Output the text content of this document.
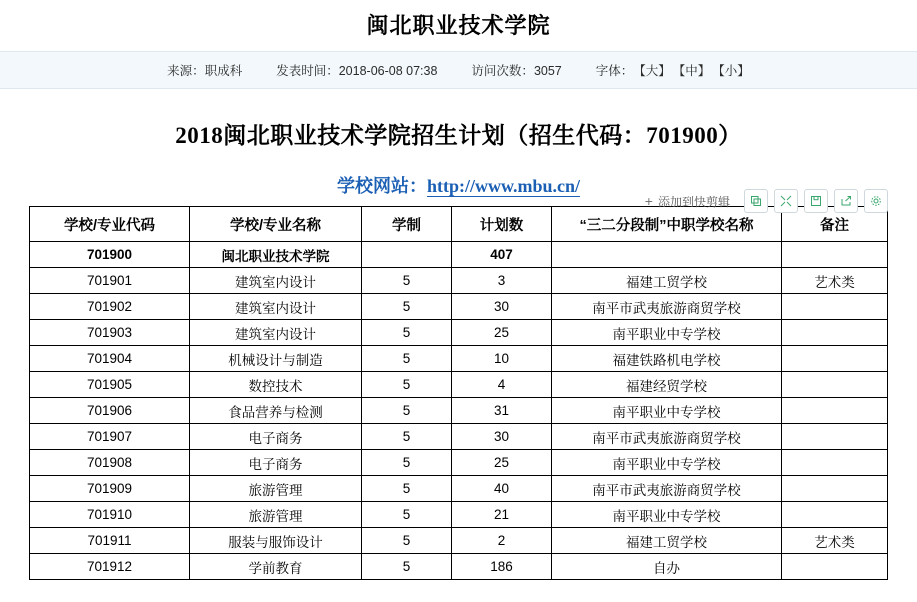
闽北职业技术学院
来源：职成科	发表时间：2018-06-08 07:38	访问次数：3057	字体： 【大】 【中】 【小】
2018闽北职业技术学院招生计划（招生代码：701900）
学校网站：http://www.mbu.cn/
+ 添加到快剪辑
学校/专业代码	学校/专业名称	学制	计划数	“三二分段制”中职学校名称	备注
701900	闽北职业技术学院		407		
701901	建筑室内设计	5	3	福建工贸学校	艺术类
701902	建筑室内设计	5	30	南平市武夷旅游商贸学校	
701903	建筑室内设计	5	25	南平职业中专学校	
701904	机械设计与制造	5	10	福建铁路机电学校	
701905	数控技术	5	4	福建经贸学校	
701906	食品营养与检测	5	31	南平职业中专学校	
701907	电子商务	5	30	南平市武夷旅游商贸学校	
701908	电子商务	5	25	南平职业中专学校	
701909	旅游管理	5	40	南平市武夷旅游商贸学校	
701910	旅游管理	5	21	南平职业中专学校	
701911	服装与服饰设计	5	2	福建工贸学校	艺术类
701912	学前教育	5	186	自办	
